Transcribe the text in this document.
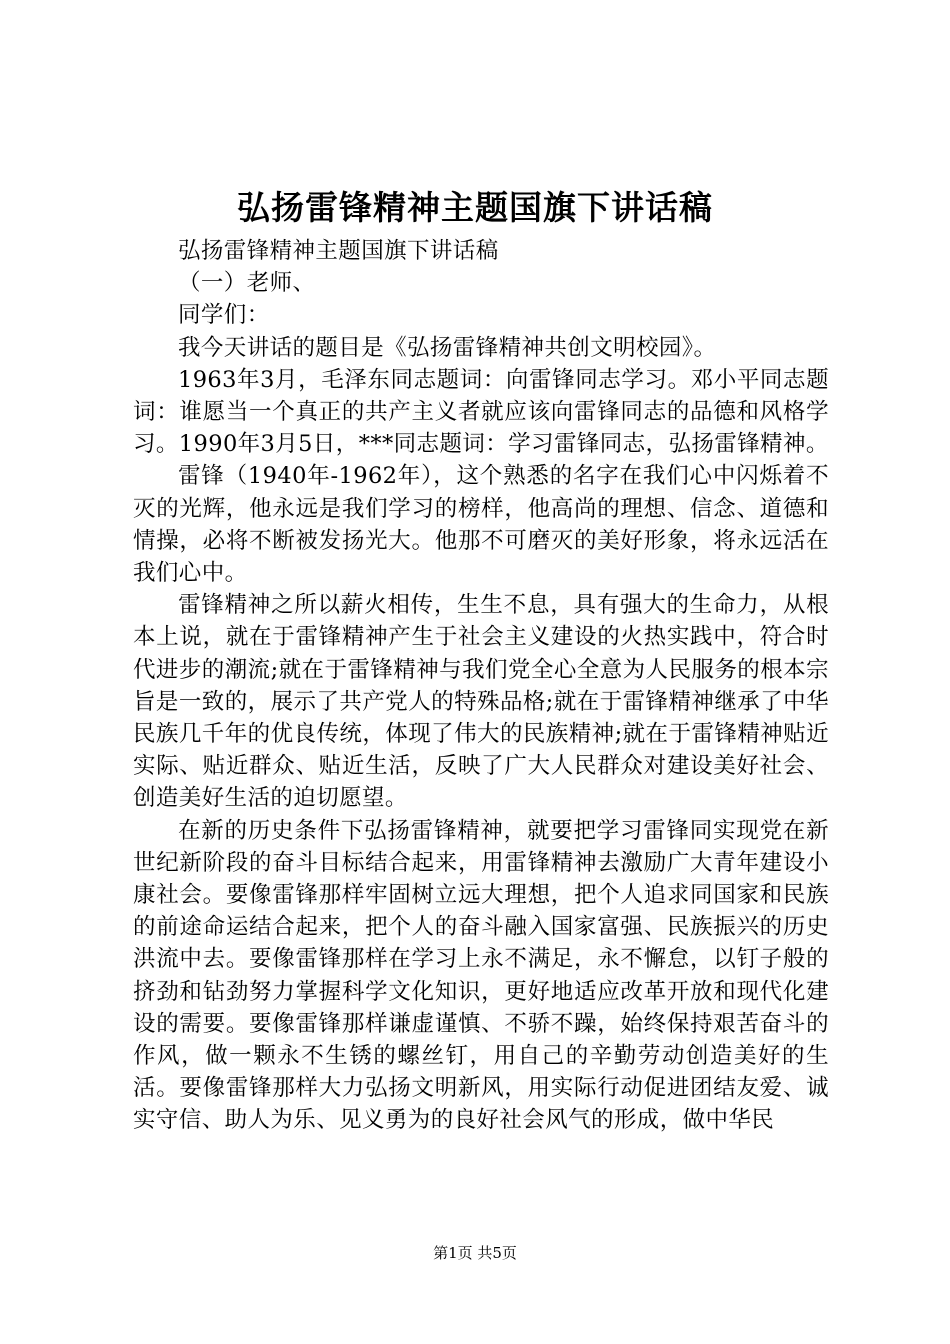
弘扬雷锋精神主题国旗下讲话稿

弘扬雷锋精神主题国旗下讲话稿

（一）老师、

同学们：

我今天讲话的题目是《弘扬雷锋精神共创文明校园》。

1963年3月，毛泽东同志题词：向雷锋同志学习。邓小平同志题词：谁愿当一个真正的共产主义者就应该向雷锋同志的品德和风格学习。1990年3月5日，***同志题词：学习雷锋同志，弘扬雷锋精神。

雷锋（1940年-1962年），这个熟悉的名字在我们心中闪烁着不灭的光辉，他永远是我们学习的榜样，他高尚的理想、信念、道德和情操，必将不断被发扬光大。他那不可磨灭的美好形象，将永远活在我们心中。

雷锋精神之所以薪火相传，生生不息，具有强大的生命力，从根本上说，就在于雷锋精神产生于社会主义建设的火热实践中，符合时代进步的潮流;就在于雷锋精神与我们党全心全意为人民服务的根本宗旨是一致的，展示了共产党人的特殊品格;就在于雷锋精神继承了中华民族几千年的优良传统，体现了伟大的民族精神;就在于雷锋精神贴近实际、贴近群众、贴近生活，反映了广大人民群众对建设美好社会、创造美好生活的迫切愿望。

在新的历史条件下弘扬雷锋精神，就要把学习雷锋同实现党在新世纪新阶段的奋斗目标结合起来，用雷锋精神去激励广大青年建设小康社会。要像雷锋那样牢固树立远大理想，把个人追求同国家和民族的前途命运结合起来，把个人的奋斗融入国家富强、民族振兴的历史洪流中去。要像雷锋那样在学习上永不满足，永不懈怠，以钉子般的挤劲和钻劲努力掌握科学文化知识，更好地适应改革开放和现代化建设的需要。要像雷锋那样谦虚谨慎、不骄不躁，始终保持艰苦奋斗的作风，做一颗永不生锈的螺丝钉，用自己的辛勤劳动创造美好的生活。要像雷锋那样大力弘扬文明新风，用实际行动促进团结友爱、诚实守信、助人为乐、见义勇为的良好社会风气的形成，做中华民

第1页 共5页
